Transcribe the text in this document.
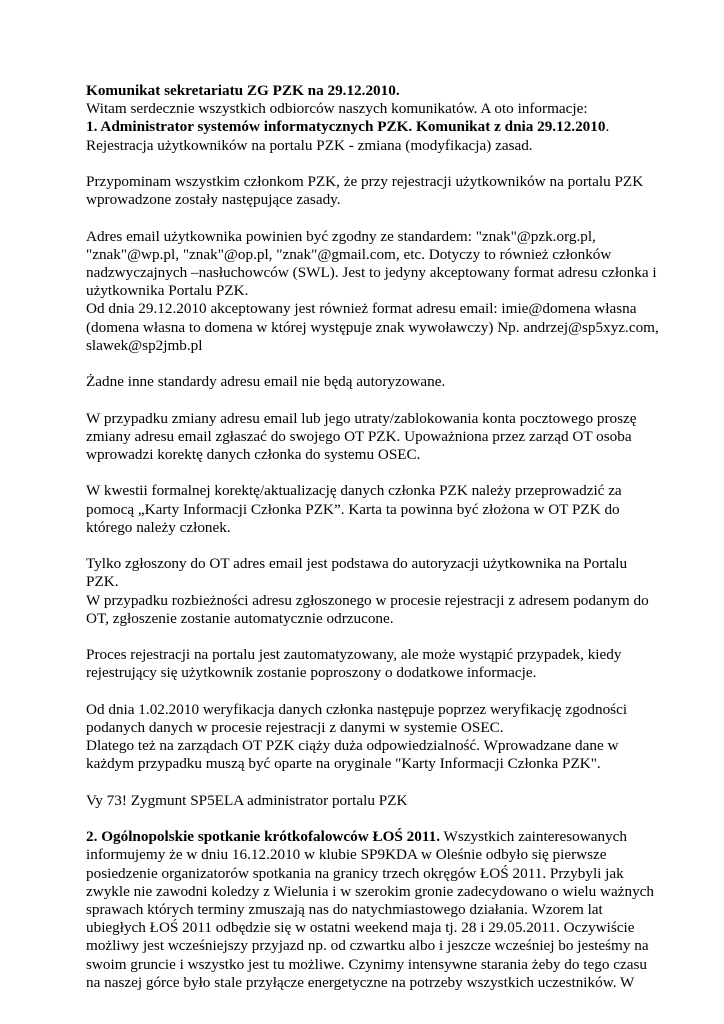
Komunikat sekretariatu ZG PZK na 29.12.2010.
Witam serdecznie wszystkich odbiorców naszych komunikatów. A oto informacje:
1. Administrator systemów informatycznych PZK. Komunikat z dnia 29.12.2010.
Rejestracja użytkowników na portalu PZK - zmiana (modyfikacja) zasad.
Przypominam wszystkim członkom PZK, że przy rejestracji użytkowników na portalu PZK
wprowadzone zostały następujące zasady.
Adres email użytkownika powinien być zgodny ze standardem: "znak"@pzk.org.pl,
"znak"@wp.pl, "znak"@op.pl, "znak"@gmail.com, etc. Dotyczy to również członków
nadzwyczajnych –nasłuchowców (SWL). Jest to jedyny akceptowany format adresu członka i
użytkownika Portalu PZK.
Od dnia 29.12.2010 akceptowany jest również format adresu email: imie@domena własna
(domena własna to domena w której występuje znak wywoławczy) Np. andrzej@sp5xyz.com,
slawek@sp2jmb.pl
Żadne inne standardy adresu email nie będą autoryzowane.
W przypadku zmiany adresu email lub jego utraty/zablokowania konta pocztowego proszę
zmiany adresu email zgłaszać do swojego OT PZK. Upoważniona przez zarząd OT osoba
wprowadzi korektę danych członka do systemu OSEC.
W kwestii formalnej korektę/aktualizację danych członka PZK należy przeprowadzić za
pomocą „Karty Informacji Członka PZK”. Karta ta powinna być złożona w OT PZK do
którego należy członek.
Tylko zgłoszony do OT adres email jest podstawa do autoryzacji użytkownika na Portalu
PZK.
W przypadku rozbieżności adresu zgłoszonego w procesie rejestracji z adresem podanym do
OT, zgłoszenie zostanie automatycznie odrzucone.
Proces rejestracji na portalu jest zautomatyzowany, ale może wystąpić przypadek, kiedy
rejestrujący się użytkownik zostanie poproszony o dodatkowe informacje.
Od dnia 1.02.2010 weryfikacja danych członka następuje poprzez weryfikację zgodności
podanych danych w procesie rejestracji z danymi w systemie OSEC.
Dlatego też na zarządach OT PZK ciąży duża odpowiedzialność. Wprowadzane dane w
każdym przypadku muszą być oparte na oryginale "Karty Informacji Członka PZK".
Vy 73! Zygmunt SP5ELA administrator portalu PZK
2. Ogólnopolskie spotkanie krótkofalowców ŁOŚ 2011. Wszystkich zainteresowanych
informujemy że w dniu 16.12.2010 w klubie SP9KDA w Oleśnie odbyło się pierwsze
posiedzenie organizatorów spotkania na granicy trzech okręgów ŁOŚ 2011. Przybyli jak
zwykle nie zawodni koledzy z Wielunia i w szerokim gronie zadecydowano o wielu ważnych
sprawach których terminy zmuszają nas do natychmiastowego działania. Wzorem lat
ubiegłych ŁOŚ 2011 odbędzie się w ostatni weekend maja tj. 28 i 29.05.2011. Oczywiście
możliwy jest wcześniejszy przyjazd np. od czwartku albo i jeszcze wcześniej bo jesteśmy na
swoim gruncie i wszystko jest tu możliwe. Czynimy intensywne starania żeby do tego czasu
na naszej górce było stale przyłącze energetyczne na potrzeby wszystkich uczestników. W
